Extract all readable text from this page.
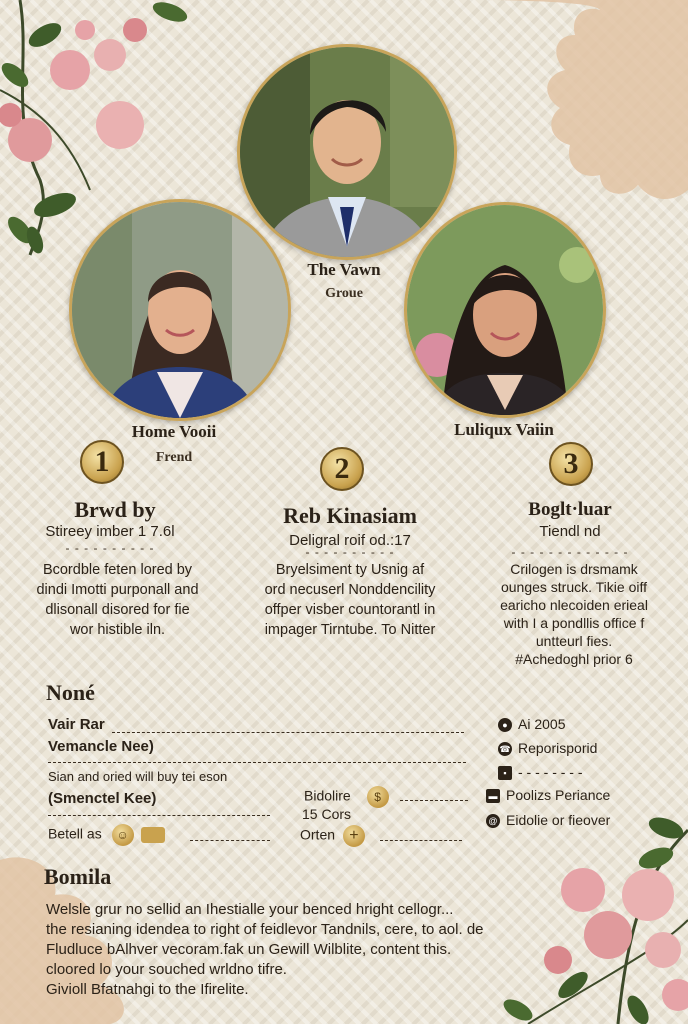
The Vawn
Groue
Home Vooii
Frend
Luliqux Vaiin
1	2	3
Brwd by
Stireey imber 1 7.6l
- - - - - - - - - -
Bcordble feten lored by
dindi Imotti purponall and
dlisonall disored for fie
wor histible iln.
Reb Kinasiam
Deligral roif od.:17
- - - - - - - - - -
Bryelsiment ty Usnig af
ord necuserl Nonddencility
offper visber countorantl in
impager Tirntube. To Nitter
Boglt·luar
Tiendl nd
- - - - - - - - - - - - -
Crilogen is drsmamk
ounges struck. Tikie oiff
earicho nlecoiden erieal
with I a pondllis office f
untteurl fies.
#Achedoghl prior 6
Noné
Vair Rar
Vemancle Nee)
Sian and oried will buy tei eson
(Smenctel Kee)
Betell as ☺
Bidolire $
15 Cors
Orten +
● Ai 2005
☎ Reporisporid
▪ - - - - - - - -
▬ Poolizs Periance
@ Eidolie or fieover
Bomila
Welsle grur no sellid an Ihestialle your benced hright cellogr...
the resianing idendea to right of feidlevor Tandnils, cere, to aol. de
Fludluce bAlhver vecoram.fak un Gewill Wilblite, content this.
cloored lo your souched wrldno tifre.
Givioll Bfatnahgi to the Ifirelite.
